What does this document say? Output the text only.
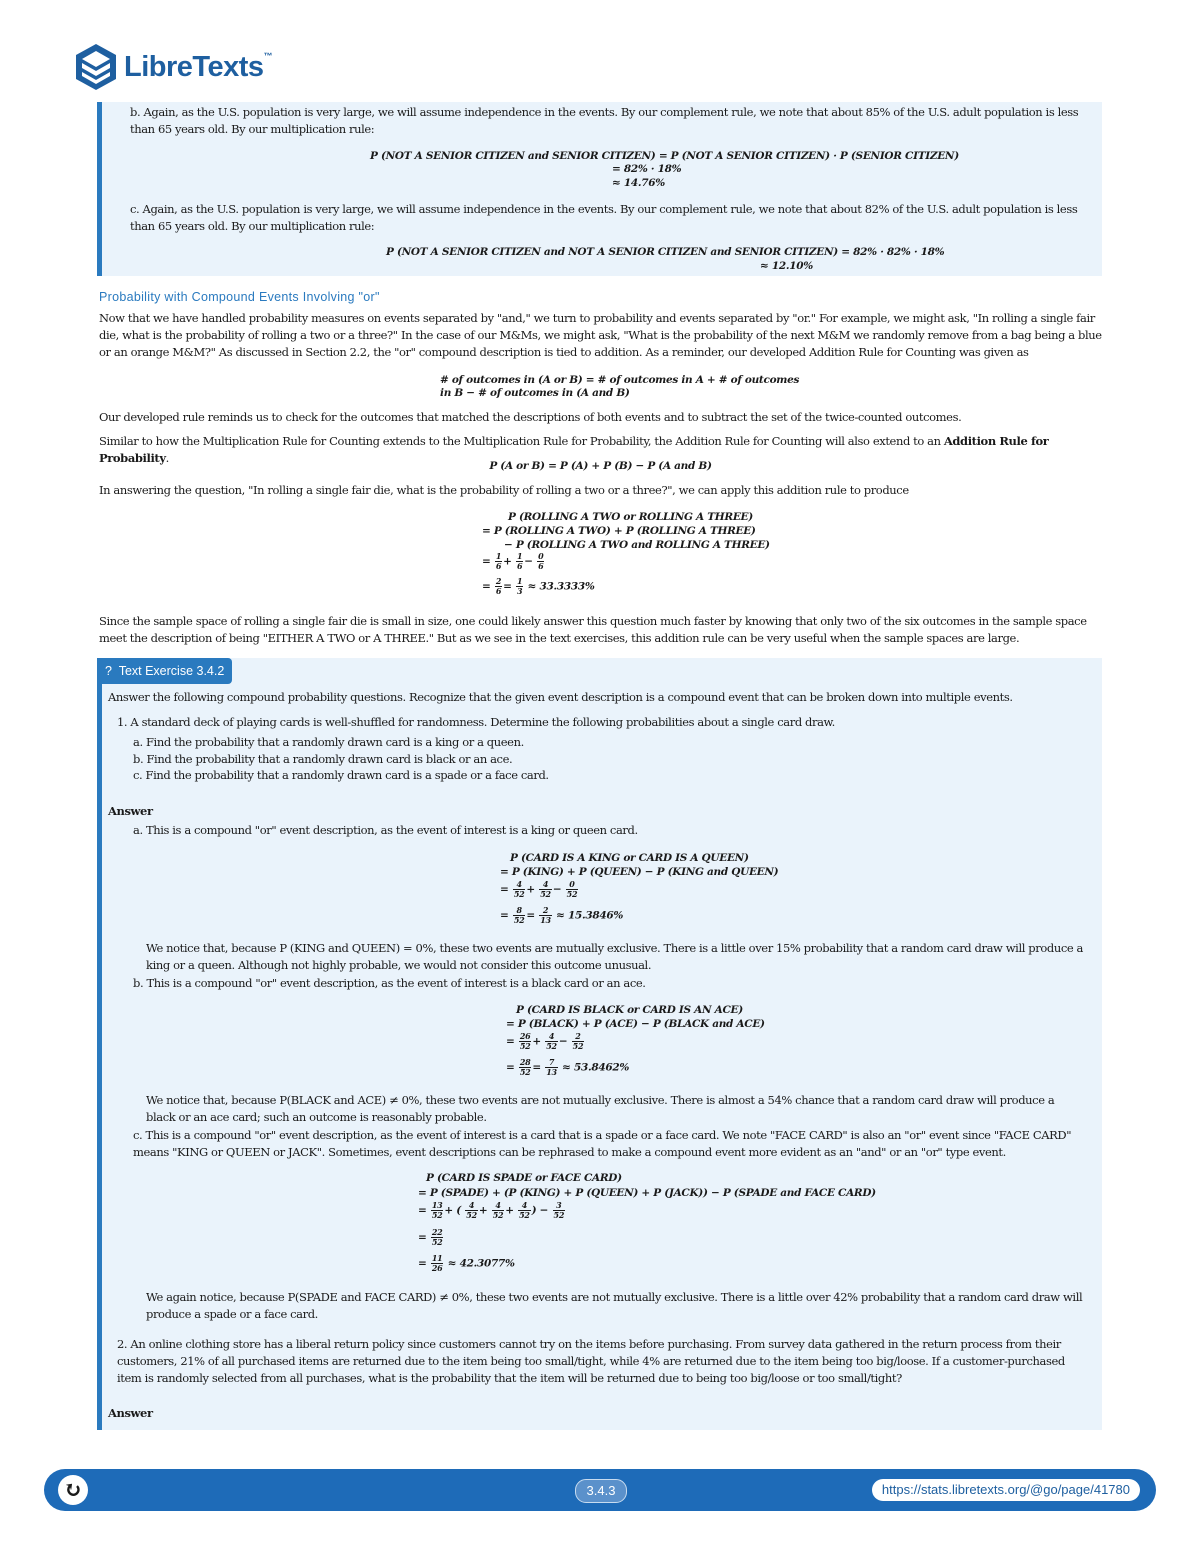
LibreTexts™
b. Again, as the U.S. population is very large, we will assume independence in the events. By our complement rule, we note that about 85% of the U.S. adult population is less than 65 years old. By our multiplication rule:
P (NOT A SENIOR CITIZEN and SENIOR CITIZEN) = P (NOT A SENIOR CITIZEN) · P (SENIOR CITIZEN)
= 82% · 18%
≈ 14.76%
c. Again, as the U.S. population is very large, we will assume independence in the events. By our complement rule, we note that about 82% of the U.S. adult population is less than 65 years old. By our multiplication rule:
P (NOT A SENIOR CITIZEN and NOT A SENIOR CITIZEN and SENIOR CITIZEN) = 82% · 82% · 18%
≈ 12.10%
Probability with Compound Events Involving "or"
Now that we have handled probability measures on events separated by "and," we turn to probability and events separated by "or." For example, we might ask, "In rolling a single fair die, what is the probability of rolling a two or a three?" In the case of our M&Ms, we might ask, "What is the probability of the next M&M we randomly remove from a bag being a blue or an orange M&M?" As discussed in Section 2.2, the "or" compound description is tied to addition. As a reminder, our developed Addition Rule for Counting was given as
# of outcomes in (A or B) = # of outcomes in A + # of outcomes
in B − # of outcomes in (A and B)
Our developed rule reminds us to check for the outcomes that matched the descriptions of both events and to subtract the set of the twice-counted outcomes.
Similar to how the Multiplication Rule for Counting extends to the Multiplication Rule for Probability, the Addition Rule for Counting will also extend to an Addition Rule for Probability.
P (A or B) = P (A) + P (B) − P (A and B)
In answering the question, "In rolling a single fair die, what is the probability of rolling a two or a three?", we can apply this addition rule to produce
P (ROLLING A TWO or ROLLING A THREE)
= P (ROLLING A TWO) + P (ROLLING A THREE)
− P (ROLLING A TWO and ROLLING A THREE)
= $\frac{1}{6} + \frac{1}{6} - \frac{0}{6}$
= $\frac{2}{6} = \frac{1}{3} \approx 33.3333\%$
Since the sample space of rolling a single fair die is small in size, one could likely answer this question much faster by knowing that only two of the six outcomes in the sample space meet the description of being "EITHER A TWO or A THREE." But as we see in the text exercises, this addition rule can be very useful when the sample spaces are large.
? Text Exercise 3.4.2
Answer the following compound probability questions. Recognize that the given event description is a compound event that can be broken down into multiple events.
1. A standard deck of playing cards is well-shuffled for randomness. Determine the following probabilities about a single card draw.
a. Find the probability that a randomly drawn card is a king or a queen.
b. Find the probability that a randomly drawn card is black or an ace.
c. Find the probability that a randomly drawn card is a spade or a face card.
Answer
a. This is a compound "or" event description, as the event of interest is a king or queen card.
P (CARD IS A KING or CARD IS A QUEEN)
= P (KING) + P (QUEEN) − P (KING and QUEEN)
= $\frac{4}{52} + \frac{4}{52} - \frac{0}{52}$
= $\frac{8}{52} = \frac{2}{13} \approx 15.3846\%$
We notice that, because P (KING and QUEEN) = 0%, these two events are mutually exclusive. There is a little over 15% probability that a random card draw will produce a king or a queen. Although not highly probable, we would not consider this outcome unusual.
b. This is a compound "or" event description, as the event of interest is a black card or an ace.
P (CARD IS BLACK or CARD IS AN ACE)
= P (BLACK) + P (ACE) − P (BLACK and ACE)
= $\frac{26}{52} + \frac{4}{52} - \frac{2}{52}$
= $\frac{28}{52} = \frac{7}{13} \approx 53.8462\%$
We notice that, because P(BLACK and ACE) ≠ 0%, these two events are not mutually exclusive. There is almost a 54% chance that a random card draw will produce a black or an ace card; such an outcome is reasonably probable.
c. This is a compound "or" event description, as the event of interest is a card that is a spade or a face card. We note "FACE CARD" is also an "or" event since "FACE CARD" means "KING or QUEEN or JACK". Sometimes, event descriptions can be rephrased to make a compound event more evident as an "and" or an "or" type event.
P (CARD IS SPADE or FACE CARD)
= P (SPADE) + (P (KING) + P (QUEEN) + P (JACK)) − P (SPADE and FACE CARD)
= $\frac{13}{52}$ + ( $\frac{4}{52} + \frac{4}{52} + \frac{4}{52}$ ) − $\frac{3}{52}$
= $\frac{22}{52}$
= $\frac{11}{26} \approx 42.3077\%$
We again notice, because P(SPADE and FACE CARD) ≠ 0%, these two events are not mutually exclusive. There is a little over 42% probability that a random card draw will produce a spade or a face card.
2. An online clothing store has a liberal return policy since customers cannot try on the items before purchasing. From survey data gathered in the return process from their customers, 21% of all purchased items are returned due to the item being too small/tight, while 4% are returned due to the item being too big/loose. If a customer-purchased item is randomly selected from all purchases, what is the probability that the item will be returned due to being too big/loose or too small/tight?
Answer
↻	3.4.3	https://stats.libretexts.org/@go/page/41780
